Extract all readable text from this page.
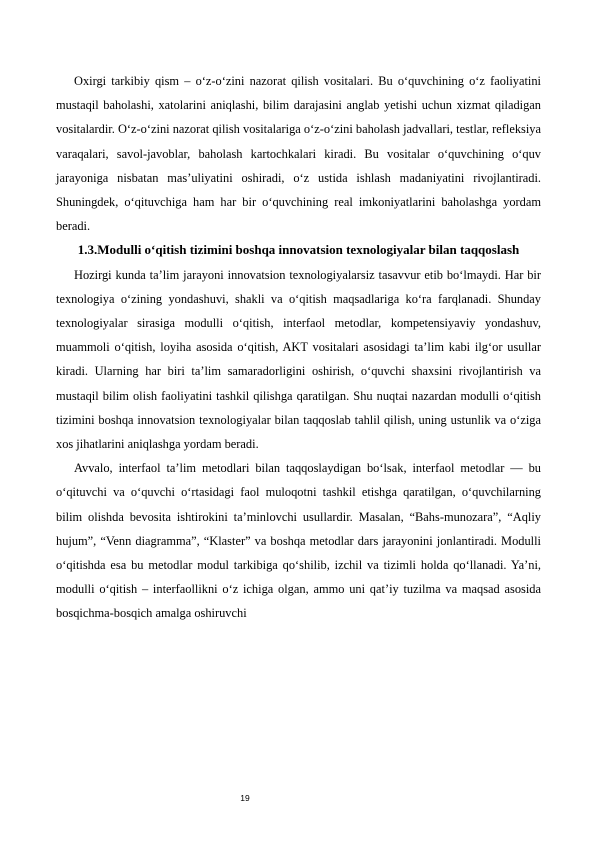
Oxirgi tarkibiy qism – o‘z-o‘zini nazorat qilish vositalari. Bu o‘quvchining o‘z faoliyatini mustaqil baholashi, xatolarini aniqlashi, bilim darajasini anglab yetishi uchun xizmat qiladigan vositalardir. O‘z-o‘zini nazorat qilish vositalariga o‘z-o‘zini baholash jadvallari, testlar, refleksiya varaqalari, savol-javoblar, baholash kartochkalari kiradi. Bu vositalar o‘quvchining o‘quv jarayoniga nisbatan mas’uliyatini oshiradi, o‘z ustida ishlash madaniyatini rivojlantiradi. Shuningdek, o‘qituvchiga ham har bir o‘quvchining real imkoniyatlarini baholashga yordam beradi.

1.3.Modulli o‘qitish tizimini boshqa innovatsion texnologiyalar bilan taqqoslash

Hozirgi kunda ta’lim jarayoni innovatsion texnologiyalarsiz tasavvur etib bo‘lmaydi. Har bir texnologiya o‘zining yondashuvi, shakli va o‘qitish maqsadlariga ko‘ra farqlanadi. Shunday texnologiyalar sirasiga modulli o‘qitish, interfaol metodlar, kompetensiyaviy yondashuv, muammoli o‘qitish, loyiha asosida o‘qitish, AKT vositalari asosidagi ta’lim kabi ilg‘or usullar kiradi. Ularning har biri ta’lim samaradorligini oshirish, o‘quvchi shaxsini rivojlantirish va mustaqil bilim olish faoliyatini tashkil qilishga qaratilgan. Shu nuqtai nazardan modulli o‘qitish tizimini boshqa innovatsion texnologiyalar bilan taqqoslab tahlil qilish, uning ustunlik va o‘ziga xos jihatlarini aniqlashga yordam beradi.

Avvalo, interfaol ta’lim metodlari bilan taqqoslaydigan bo‘lsak, interfaol metodlar — bu o‘qituvchi va o‘quvchi o‘rtasidagi faol muloqotni tashkil etishga qaratilgan, o‘quvchilarning bilim olishda bevosita ishtirokini ta’minlovchi usullardir. Masalan, “Bahs-munozara”, “Aqliy hujum”, “Venn diagramma”, “Klaster” va boshqa metodlar dars jarayonini jonlantiradi. Modulli o‘qitishda esa bu metodlar modul tarkibiga qo‘shilib, izchil va tizimli holda qo‘llanadi. Ya’ni, modulli o‘qitish – interfaollikni o‘z ichiga olgan, ammo uni qat’iy tuzilma va maqsad asosida bosqichma-bosqich amalga oshiruvchi

19
